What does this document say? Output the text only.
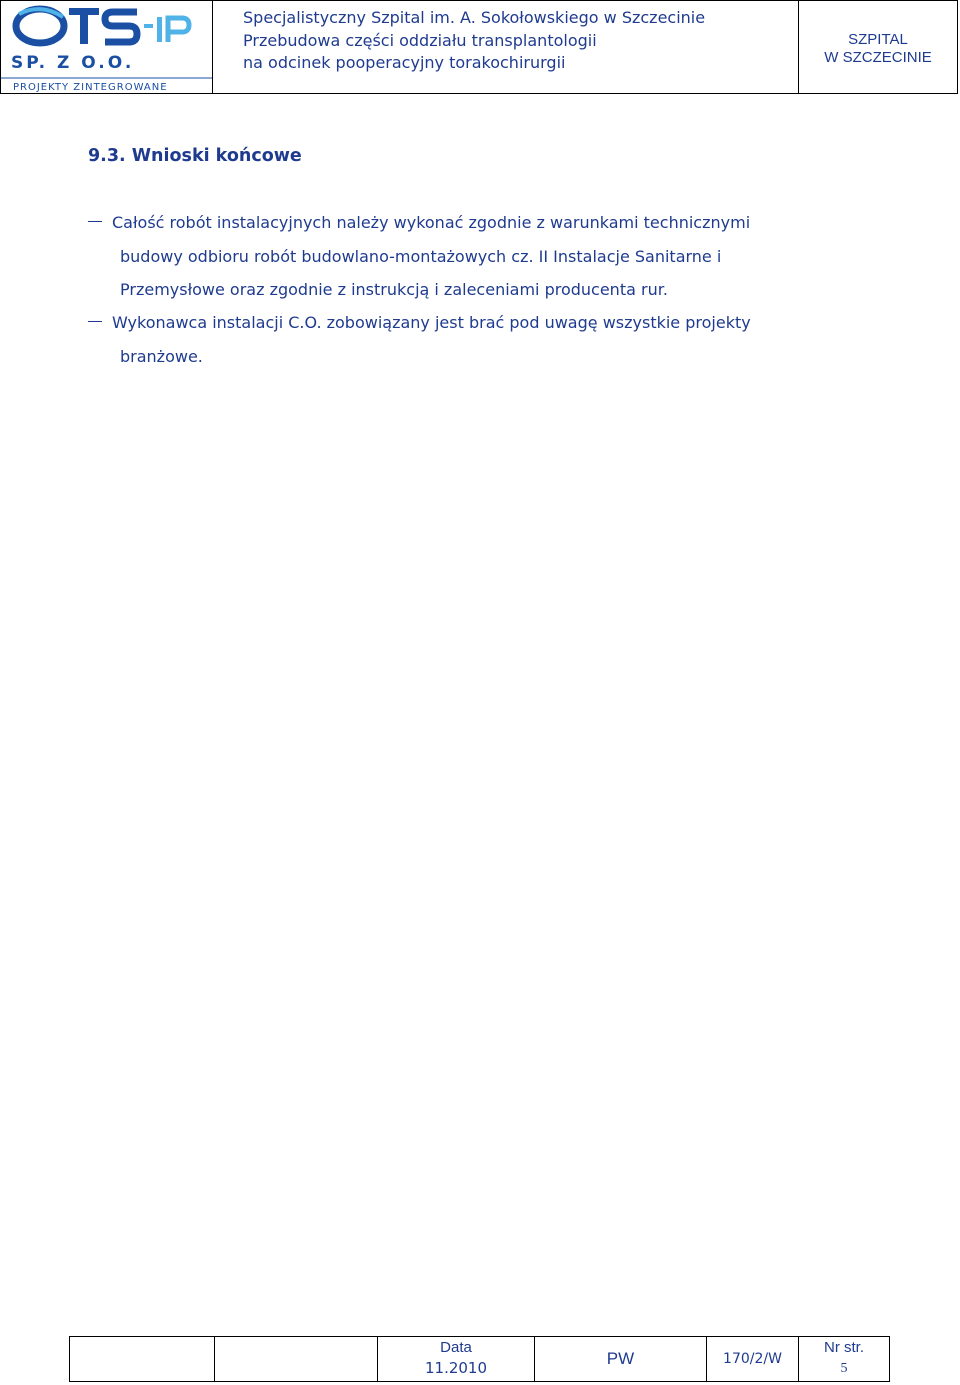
SP. Z O.O.
PROJEKTY ZINTEGROWANE
Specjalistyczny Szpital im. A. Sokołowskiego w Szczecinie
Przebudowa części oddziału transplantologii
na odcinek pooperacyjny torakochirurgii
SZPITAL
W SZCZECINIE
9.3. Wnioski końcowe
Całość robót instalacyjnych należy wykonać zgodnie z warunkami technicznymi
budowy odbioru robót budowlano-montażowych cz. II Instalacje Sanitarne i
Przemysłowe oraz zgodnie z instrukcją i zaleceniami producenta rur.
Wykonawca instalacji C.O. zobowiązany jest brać pod uwagę wszystkie projekty
branżowe.
Data
11.2010	PW	170/2/W
Nr str.
5
